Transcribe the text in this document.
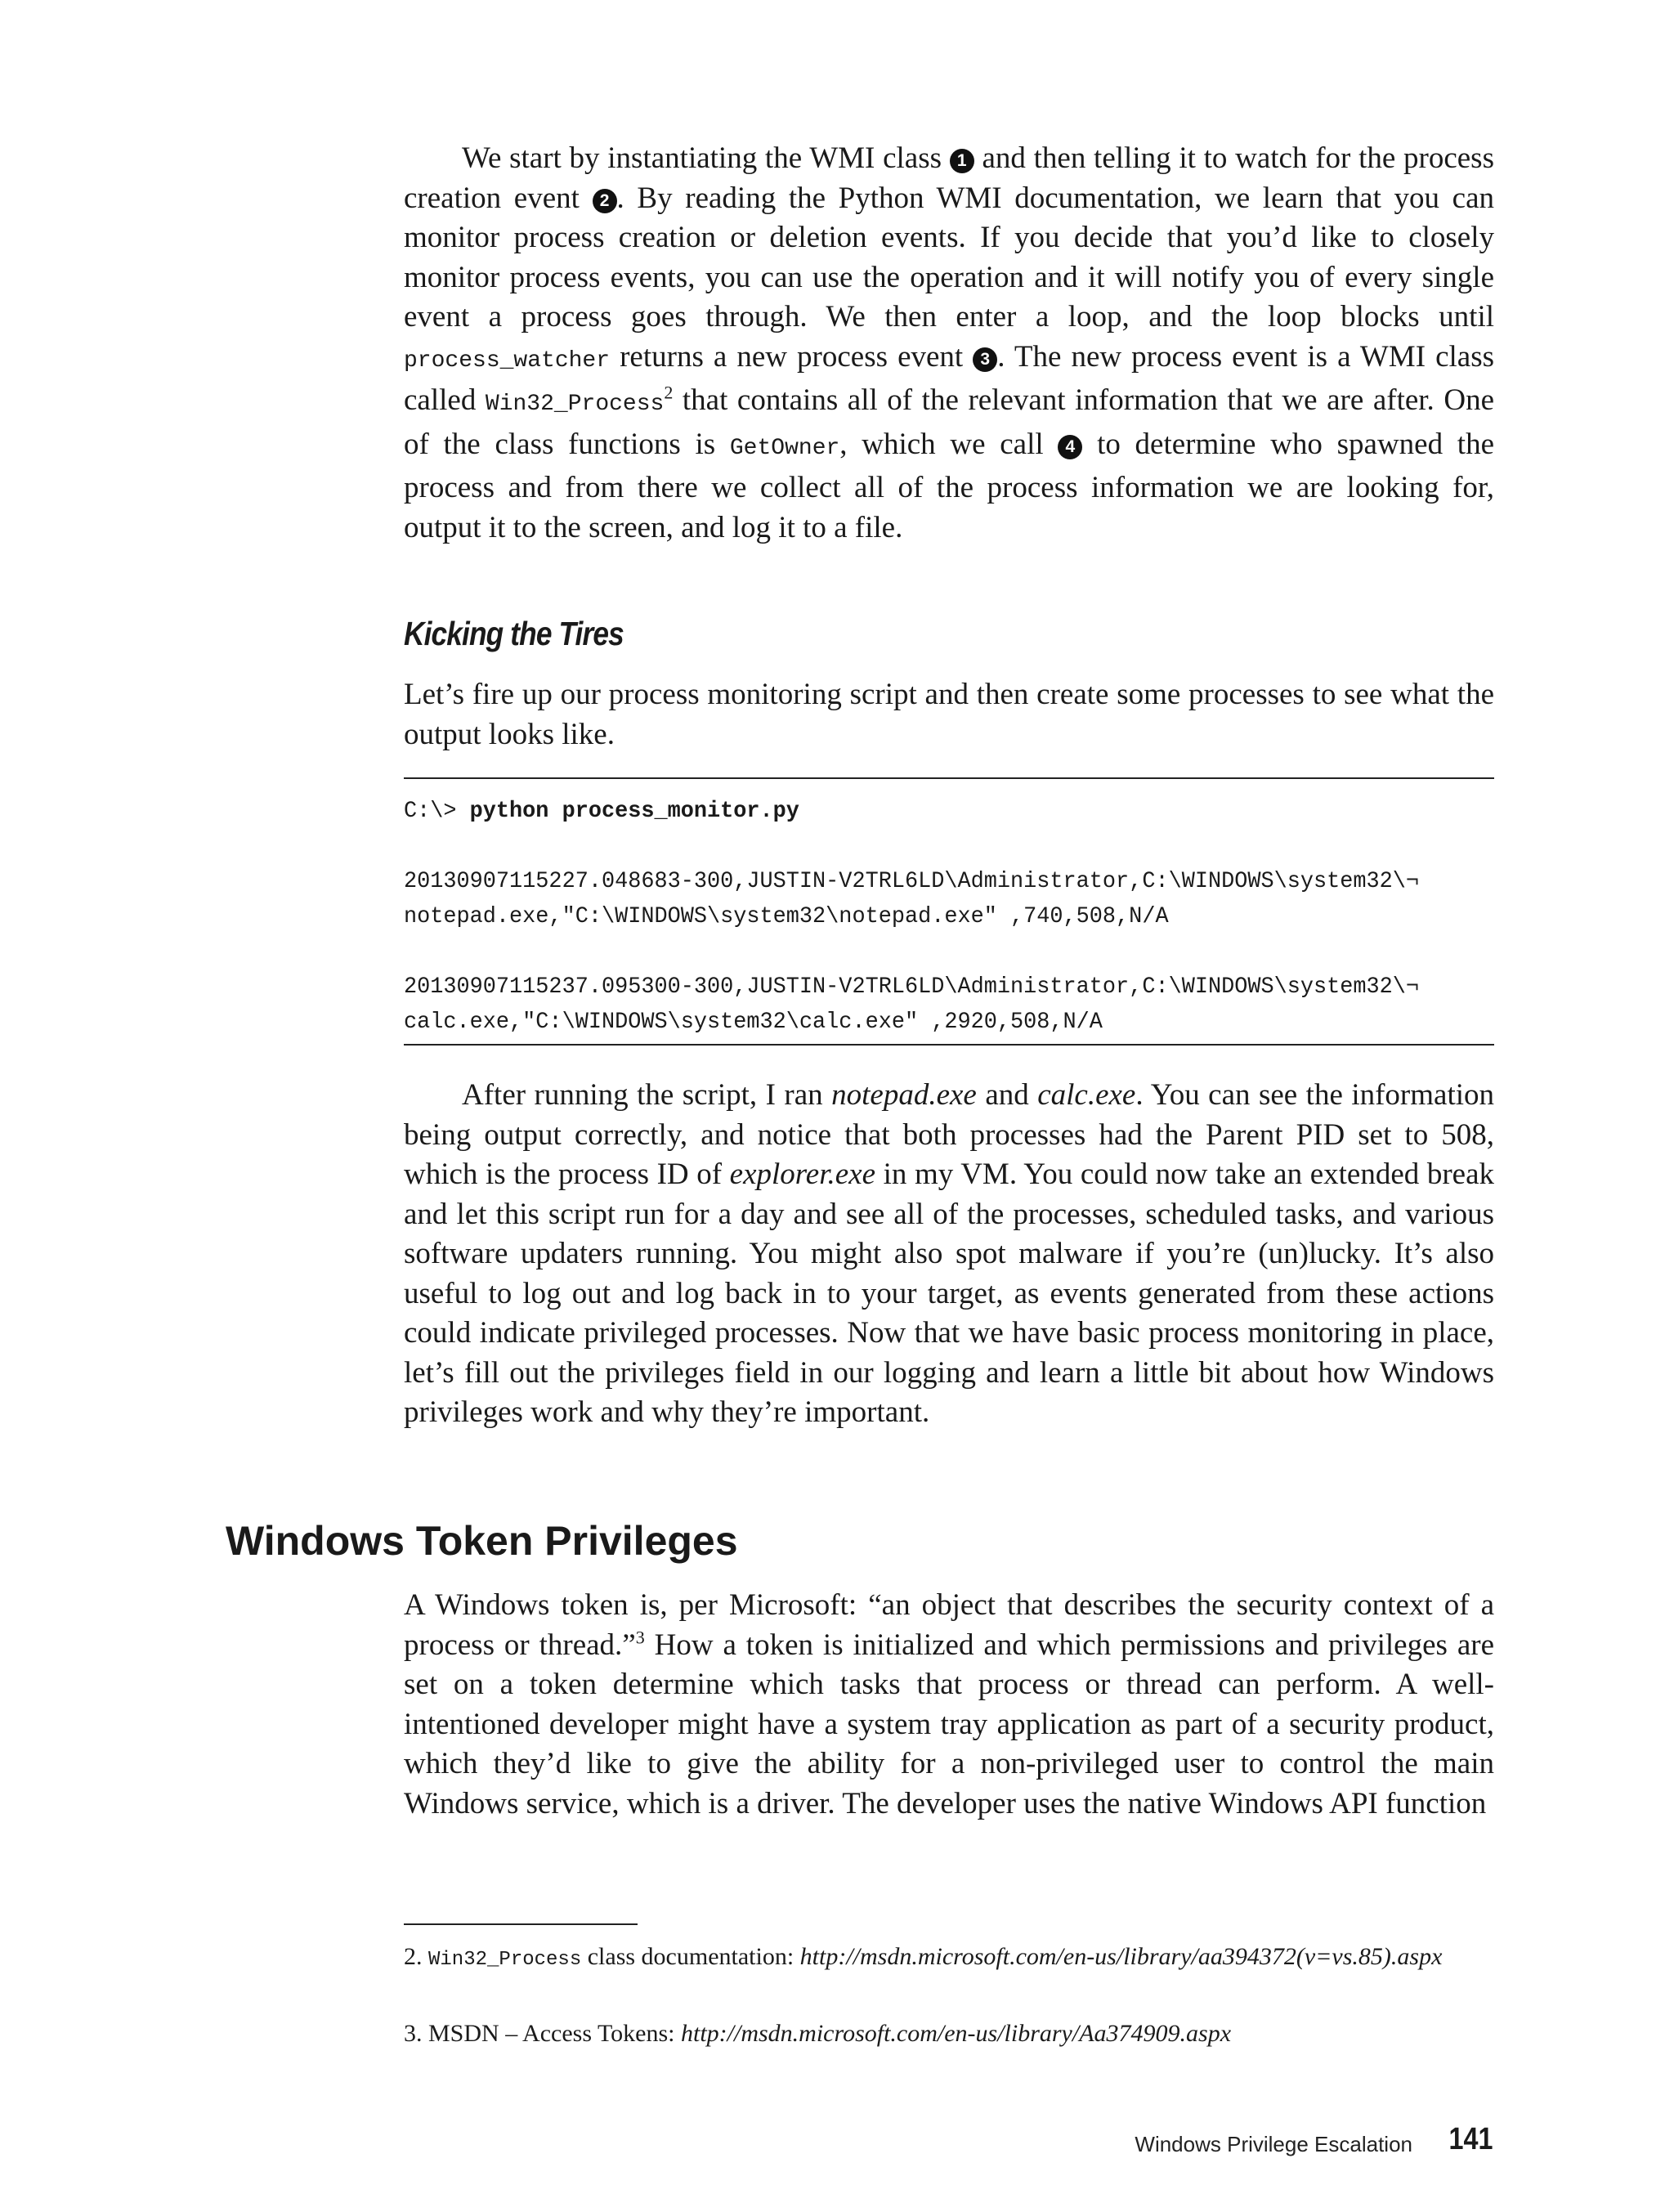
We start by instantiating the WMI class 1 and then telling it to watch for the process creation event 2 . By reading the Python WMI documentation, we learn that you can monitor process creation or deletion events. If you decide that you’d like to closely monitor process events, you can use the operation and it will notify you of every single event a process goes through. We then enter a loop, and the loop blocks until process_watcher returns a new process event 3 . The new process event is a WMI class called Win32_Process$^2$ that contains all of the relevant information that we are after. One of the class functions is GetOwner, which we call 4 to determine who spawned the process and from there we collect all of the process information we are looking for, output it to the screen, and log it to a file.
Kicking the Tires
Let’s fire up our process monitoring script and then create some processes to see what the output looks like.
C:\> python process_monitor.py

20130907115227.048683-300,JUSTIN-V2TRL6LD\Administrator,C:\WINDOWS\system32\¬
notepad.exe,"C:\WINDOWS\system32\notepad.exe" ,740,508,N/A

20130907115237.095300-300,JUSTIN-V2TRL6LD\Administrator,C:\WINDOWS\system32\¬
calc.exe,"C:\WINDOWS\system32\calc.exe" ,2920,508,N/A
After running the script, I ran notepad.exe and calc.exe. You can see the information being output correctly, and notice that both processes had the Parent PID set to 508, which is the process ID of explorer.exe in my VM. You could now take an extended break and let this script run for a day and see all of the processes, scheduled tasks, and various software updaters running. You might also spot malware if you’re (un)lucky. It’s also useful to log out and log back in to your target, as events generated from these actions could indicate privileged processes. Now that we have basic process monitoring in place, let’s fill out the privileges field in our logging and learn a little bit about how Windows privileges work and why they’re important.
Windows Token Privileges
A Windows token is, per Microsoft: “an object that describes the security context of a process or thread.”$^3$ How a token is initialized and which permissions and privileges are set on a token determine which tasks that process or thread can perform. A well-intentioned developer might have a system tray application as part of a security product, which they’d like to give the ability for a non-privileged user to control the main Windows service, which is a driver. The developer uses the native Windows API function
2. Win32_Process class documentation: http://msdn.microsoft.com/en-us/library/aa394372(v=vs.85).aspx
3. MSDN – Access Tokens: http://msdn.microsoft.com/en-us/library/Aa374909.aspx
Windows Privilege Escalation 141
